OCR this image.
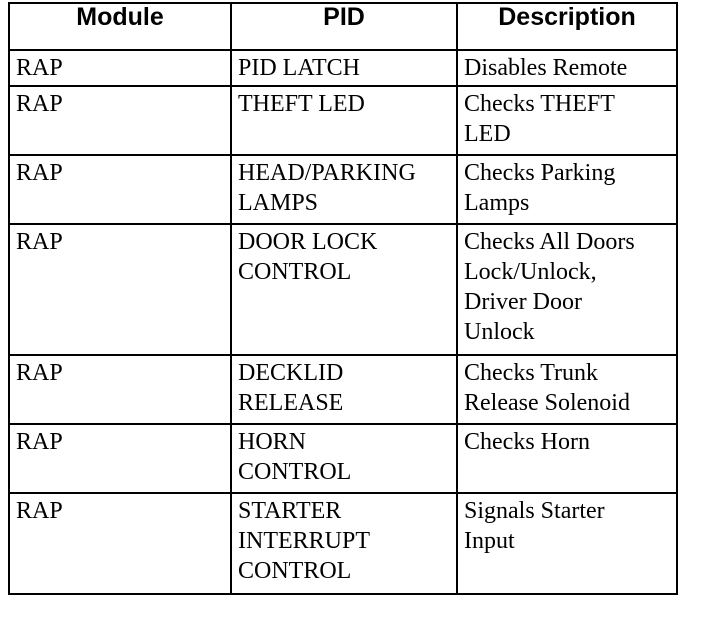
Module	PID	Description

RAP	PID LATCH	Disables Remote

RAP	THEFT LED	Checks THEFT
LED

RAP	HEAD/PARKING
LAMPS	Checks Parking
Lamps

RAP	DOOR LOCK
CONTROL	Checks All Doors
Lock/Unlock,
Driver Door
Unlock

RAP	DECKLID
RELEASE	Checks Trunk
Release Solenoid

RAP	HORN
CONTROL	Checks Horn

RAP	STARTER
INTERRUPT
CONTROL	Signals Starter
Input
